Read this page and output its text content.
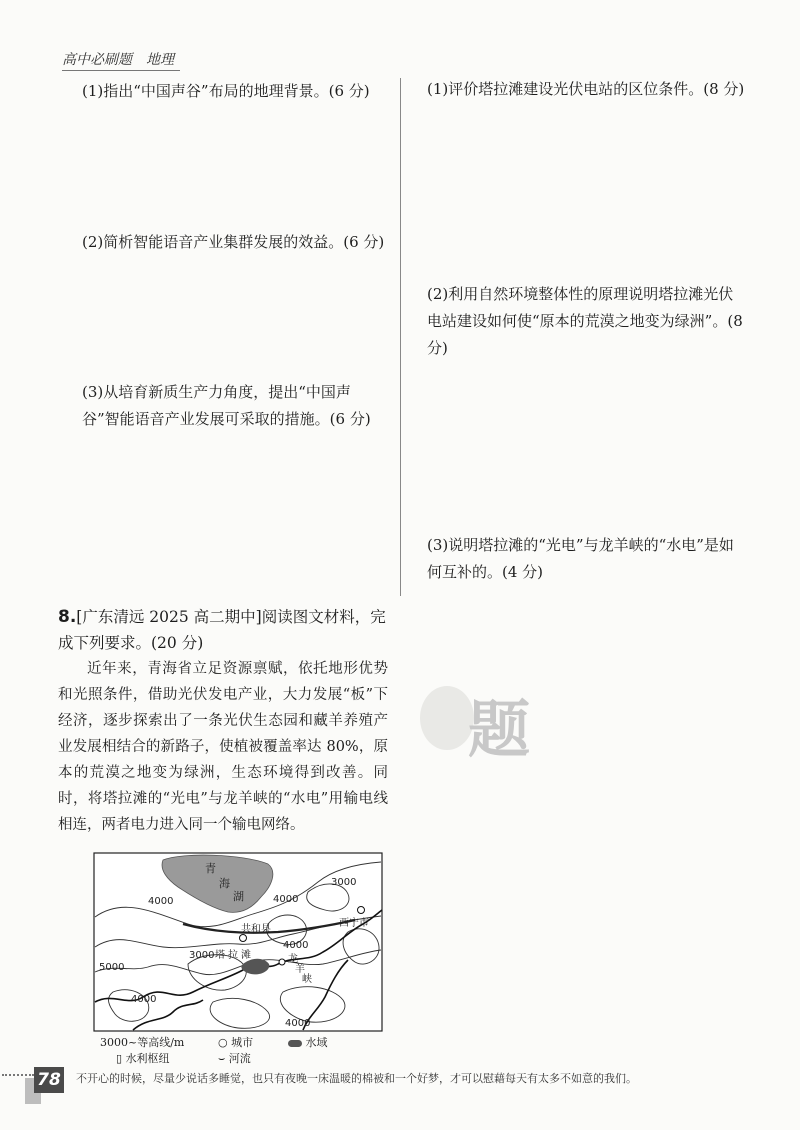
高中必刷题　地理
(1)指出“中国声谷”布局的地理背景。(6 分)
(2)简析智能语音产业集群发展的效益。(6 分)
(3)从培育新质生产力角度，提出“中国声谷”智能语音产业发展可采取的措施。(6 分)
(1)评价塔拉滩建设光伏电站的区位条件。(8 分)
(2)利用自然环境整体性的原理说明塔拉滩光伏电站建设如何使“原本的荒漠之地变为绿洲”。(8 分)
(3)说明塔拉滩的“光电”与龙羊峡的“水电”是如何互补的。(4 分)
8.[广东清远 2025 高二期中]阅读图文材料，完成下列要求。(20 分)
近年来，青海省立足资源禀赋，依托地形优势和光照条件，借助光伏发电产业，大力发展“板”下经济，逐步探索出了一条光伏生态园和藏羊养殖产业发展相结合的新路子，使植被覆盖率达 80%，原本的荒漠之地变为绿洲，生态环境得到改善。同时，将塔拉滩的“光电”与龙羊峡的“水电”用输电线相连，两者电力进入同一个输电网络。
题
青
海
湖
3000
4000
4000
4000
4000
5000
3000
4000
共和县
西宁市
塔 拉 滩	龙
羊
峡
3000~等高线/m	○ 城市	水域
▯ 水利枢纽	⌣ 河流
78 不开心的时候，尽量少说话多睡觉，也只有夜晚一床温暖的棉被和一个好梦，才可以慰藉每天有太多不如意的我们。
